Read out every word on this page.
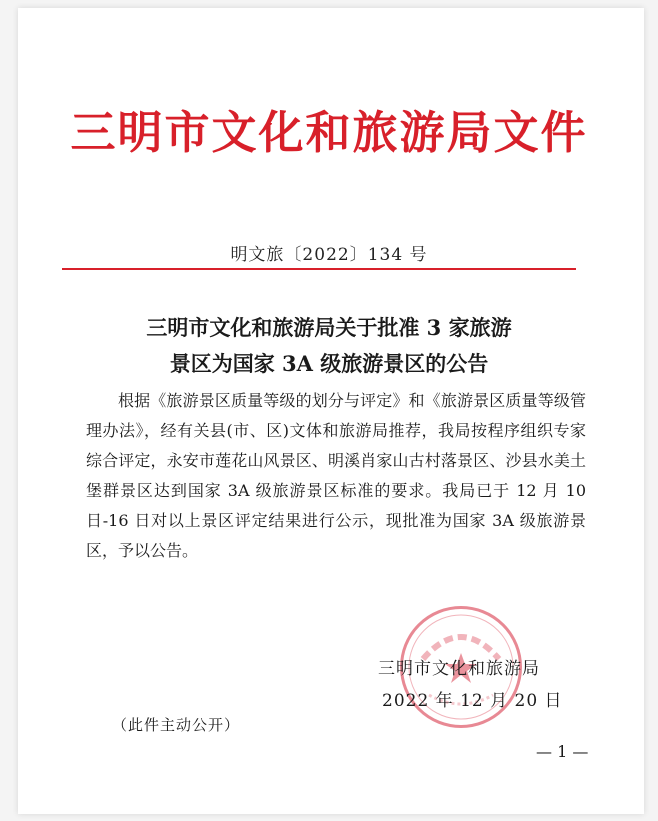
三明市文化和旅游局文件
明文旅〔2022〕134 号
三明市文化和旅游局关于批准 3 家旅游
景区为国家 3A 级旅游景区的公告

根据《旅游景区质量等级的划分与评定》和《旅游景区质量等级管理办法》，经有关县(市、区)文体和旅游局推荐，我局按程序组织专家综合评定，永安市莲花山风景区、明溪肖家山古村落景区、沙县水美土堡群景区达到国家 3A 级旅游景区标准的要求。我局已于 12 月 10 日-16 日对以上景区评定结果进行公示，现批准为国家 3A 级旅游景区，予以公告。

三明市文化和旅游局
2022 年 12 月 20 日
（此件主动公开）
— 1 —
